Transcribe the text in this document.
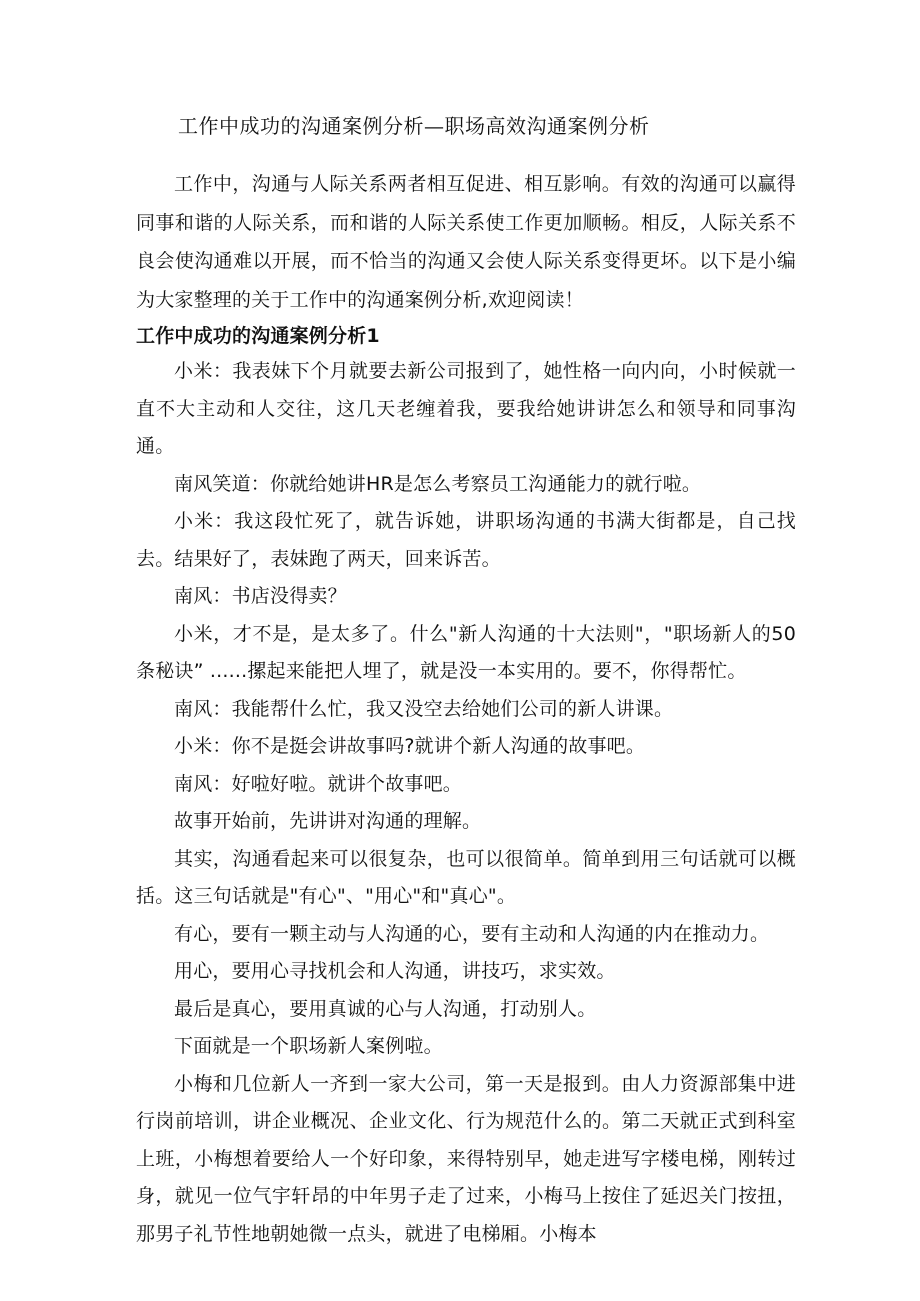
工作中成功的沟通案例分析—职场高效沟通案例分析

工作中，沟通与人际关系两者相互促进、相互影响。有效的沟通可以赢得同事和谐的人际关系，而和谐的人际关系使工作更加顺畅。相反，人际关系不良会使沟通难以开展，而不恰当的沟通又会使人际关系变得更坏。以下是小编为大家整理的关于工作中的沟通案例分析,欢迎阅读！

工作中成功的沟通案例分析1

小米：我表妹下个月就要去新公司报到了，她性格一向内向，小时候就一直不大主动和人交往，这几天老缠着我，要我给她讲讲怎么和领导和同事沟通。

南风笑道：你就给她讲HR是怎么考察员工沟通能力的就行啦。

小米：我这段忙死了，就告诉她，讲职场沟通的书满大街都是，自己找去。结果好了，表妹跑了两天，回来诉苦。

南风：书店没得卖？

小米，才不是，是太多了。什么"新人沟通的十大法则"，"职场新人的50条秘诀” ......摞起来能把人埋了，就是没一本实用的。要不，你得帮忙。

南风：我能帮什么忙，我又没空去给她们公司的新人讲课。

小米：你不是挺会讲故事吗?就讲个新人沟通的故事吧。

南风：好啦好啦。就讲个故事吧。

故事开始前，先讲讲对沟通的理解。

其实，沟通看起来可以很复杂，也可以很简单。简单到用三句话就可以概括。这三句话就是"有心"、"用心"和"真心"。

有心，要有一颗主动与人沟通的心，要有主动和人沟通的内在推动力。

用心，要用心寻找机会和人沟通，讲技巧，求实效。

最后是真心，要用真诚的心与人沟通，打动别人。

下面就是一个职场新人案例啦。

小梅和几位新人一齐到一家大公司，第一天是报到。由人力资源部集中进行岗前培训，讲企业概况、企业文化、行为规范什么的。第二天就正式到科室上班，小梅想着要给人一个好印象，来得特别早，她走进写字楼电梯，刚转过身，就见一位气宇轩昂的中年男子走了过来，小梅马上按住了延迟关门按扭，那男子礼节性地朝她微一点头，就进了电梯厢。小梅本
